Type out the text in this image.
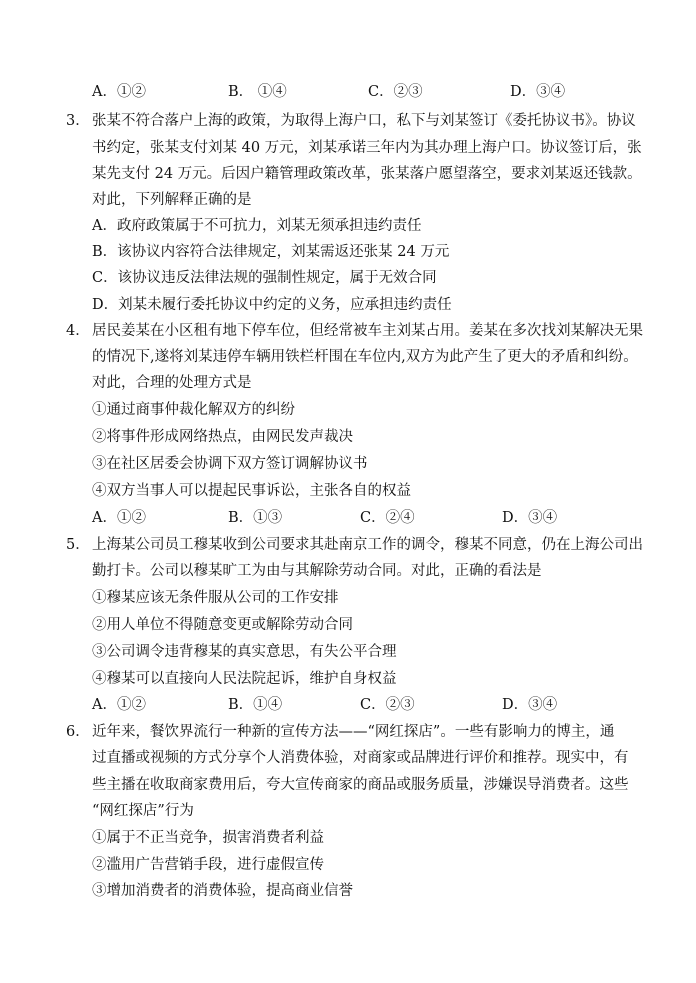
A．①②	B． ①④	C．②③	D．③④
3． 张某不符合落户上海的政策，为取得上海户口，私下与刘某签订《委托协议书》。协议
书约定，张某支付刘某 40 万元，刘某承诺三年内为其办理上海户口。协议签订后，张
某先支付 24 万元。后因户籍管理政策改革，张某落户愿望落空，要求刘某返还钱款。
对此，下列解释正确的是
A．政府政策属于不可抗力，刘某无须承担违约责任
B．该协议内容符合法律规定，刘某需返还张某 24 万元
C．该协议违反法律法规的强制性规定，属于无效合同
D．刘某未履行委托协议中约定的义务，应承担违约责任
4． 居民姜某在小区租有地下停车位，但经常被车主刘某占用。姜某在多次找刘某解决无果
的情况下,遂将刘某违停车辆用铁栏杆围在车位内,双方为此产生了更大的矛盾和纠纷。
对此，合理的处理方式是
①通过商事仲裁化解双方的纠纷
②将事件形成网络热点，由网民发声裁决
③在社区居委会协调下双方签订调解协议书
④双方当事人可以提起民事诉讼，主张各自的权益
A．①②	B．①③	C．②④	D．③④
5． 上海某公司员工穆某收到公司要求其赴南京工作的调令，穆某不同意，仍在上海公司出
勤打卡。公司以穆某旷工为由与其解除劳动合同。对此，正确的看法是
①穆某应该无条件服从公司的工作安排
②用人单位不得随意变更或解除劳动合同
③公司调令违背穆某的真实意思，有失公平合理
④穆某可以直接向人民法院起诉，维护自身权益
A．①②	B．①④	C．②③	D．③④
6． 近年来，餐饮界流行一种新的宣传方法——“网红探店”。一些有影响力的博主，通
过直播或视频的方式分享个人消费体验，对商家或品牌进行评价和推荐。现实中，有
些主播在收取商家费用后，夸大宣传商家的商品或服务质量，涉嫌误导消费者。这些
“网红探店”行为
①属于不正当竞争，损害消费者利益
②滥用广告营销手段，进行虚假宣传
③增加消费者的消费体验，提高商业信誉
